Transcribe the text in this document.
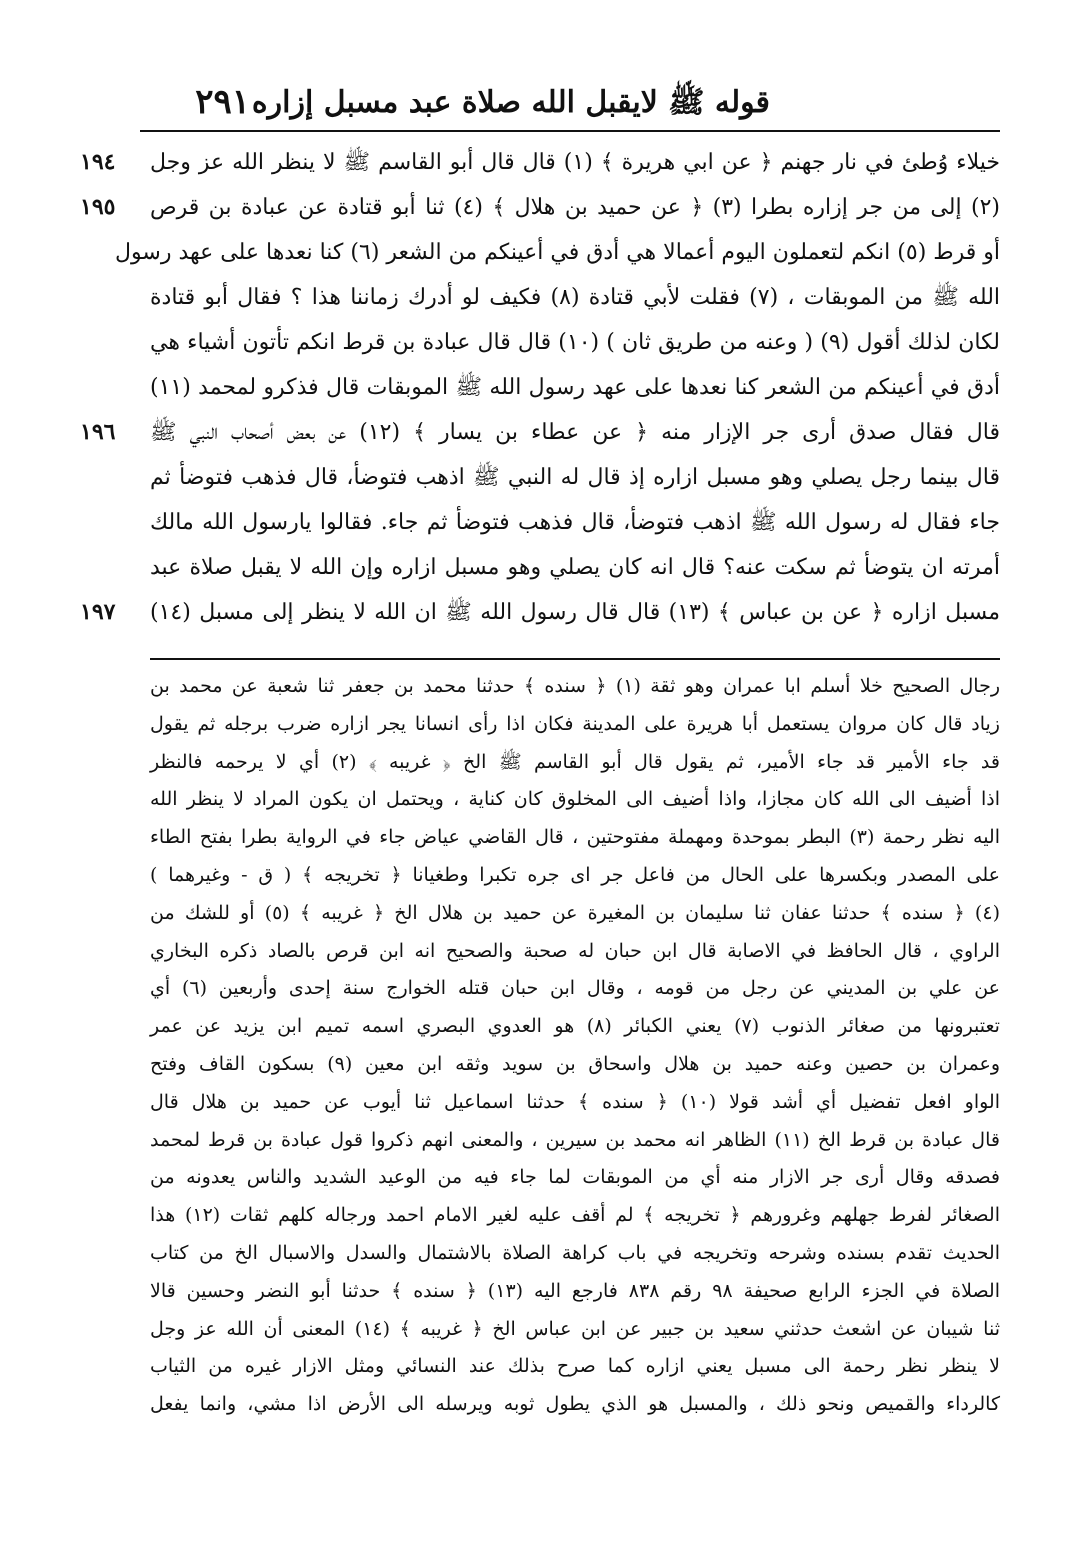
قوله ﷺ لايقبل الله صلاة عبد مسبل إزاره
٢٩١
١٩٤
١٩٥
١٩٦
١٩٧
خيلاء وُطئ في نار جهنم ﴿ عن ابي هريرة ﴾ (١) قال قال أبو القاسم ﷺ لا ينظر الله عز وجل
(٢) إلى من جر إزاره بطرا (٣) ﴿ عن حميد بن هلال ﴾ (٤) ثنا أبو قتادة عن عبادة بن قرص
أو قرط (٥) انكم لتعملون اليوم أعمالا هي أدق في أعينكم من الشعر (٦) كنا نعدها على عهد رسول
الله ﷺ من الموبقات ، (٧) فقلت لأبي قتادة (٨) فكيف لو أدرك زماننا هذا ؟ فقال أبو قتادة
لكان لذلك أقول (٩) ( وعنه من طريق ثان ) (١٠) قال قال عبادة بن قرط انكم تأتون أشياء هي
أدق في أعينكم من الشعر كنا نعدها على عهد رسول الله ﷺ الموبقات قال فذكرو لمحمد (١١)
قال فقال صدق أرى جر الإزار منه ﴿ عن عطاء بن يسار ﴾ (١٢) عن بعض أصحاب النبي ﷺ
قال بينما رجل يصلي وهو مسبل ازاره إذ قال له النبي ﷺ اذهب فتوضأ، قال فذهب فتوضأ ثم
جاء فقال له رسول الله ﷺ اذهب فتوضأ، قال فذهب فتوضأ ثم جاء. فقالوا يارسول الله مالك
أمرته ان يتوضأ ثم سكت عنه؟ قال انه كان يصلي وهو مسبل ازاره وإن الله لا يقبل صلاة عبد
مسبل ازاره ﴿ عن بن عباس ﴾ (١٣) قال قال رسول الله ﷺ ان الله لا ينظر إلى مسبل (١٤)
رجال الصحيح خلا أسلم ابا عمران وهو ثقة (١) ﴿ سنده ﴾ حدثنا محمد بن جعفر ثنا شعبة عن محمد بن
زياد قال كان مروان يستعمل أبا هريرة على المدينة فكان اذا رأى انسانا يجر ازاره ضرب برجله ثم يقول
قد جاء الأمير قد جاء الأمير، ثم يقول قال أبو القاسم ﷺ الخ ﴿ غريبه ﴾ (٢) أي لا يرحمه فالنظر
اذا أضيف الى الله كان مجازا، واذا أضيف الى المخلوق كان كناية ، ويحتمل ان يكون المراد لا ينظر الله
اليه نظر رحمة (٣) البطر بموحدة ومهملة مفتوحتين ، قال القاضي عياض جاء في الرواية بطرا بفتح الطاء
على المصدر وبكسرها على الحال من فاعل جر اى جره تكبرا وطغيانا ﴿ تخريجه ﴾ ( ق - وغيرهما )
(٤) ﴿ سنده ﴾ حدثنا عفان ثنا سليمان بن المغيرة عن حميد بن هلال الخ ﴿ غريبه ﴾ (٥) أو للشك من
الراوي ، قال الحافظ في الاصابة قال ابن حبان له صحبة والصحيح انه ابن قرص بالصاد ذكره البخاري
عن علي بن المديني عن رجل من قومه ، وقال ابن حبان قتله الخوارج سنة إحدى وأربعين (٦) أي
تعتبرونها من صغائر الذنوب (٧) يعني الكبائر (٨) هو العدوي البصري اسمه تميم ابن يزيد عن عمر
وعمران بن حصين وعنه حميد بن هلال واسحاق بن سويد وثقه ابن معين (٩) بسكون القاف وفتح
الواو افعل تفضيل أي أشد قولا (١٠) ﴿ سنده ﴾ حدثنا اسماعيل ثنا أيوب عن حميد بن هلال قال
قال عبادة بن قرط الخ (١١) الظاهر انه محمد بن سيرين ، والمعنى انهم ذكروا قول عبادة بن قرط لمحمد
فصدقه وقال أرى جر الازار منه أي من الموبقات لما جاء فيه من الوعيد الشديد والناس يعدونه من
الصغائر لفرط جهلهم وغرورهم ﴿ تخريجه ﴾ لم أقف عليه لغير الامام احمد ورجاله كلهم ثقات (١٢) هذا
الحديث تقدم بسنده وشرحه وتخريجه في باب كراهة الصلاة بالاشتمال والسدل والاسبال الخ من كتاب
الصلاة في الجزء الرابع صحيفة ٩٨ رقم ٨٣٨ فارجع اليه (١٣) ﴿ سنده ﴾ حدثنا أبو النضر وحسين قالا
ثنا شيبان عن اشعث حدثني سعيد بن جبير عن ابن عباس الخ ﴿ غريبه ﴾ (١٤) المعنى أن الله عز وجل
لا ينظر نظر رحمة الى مسبل يعني ازاره كما صرح بذلك عند النسائي ومثل الازار غيره من الثياب
كالرداء والقميص ونحو ذلك ، والمسبل هو الذي يطول ثوبه ويرسله الى الأرض اذا مشي، وانما يفعل
